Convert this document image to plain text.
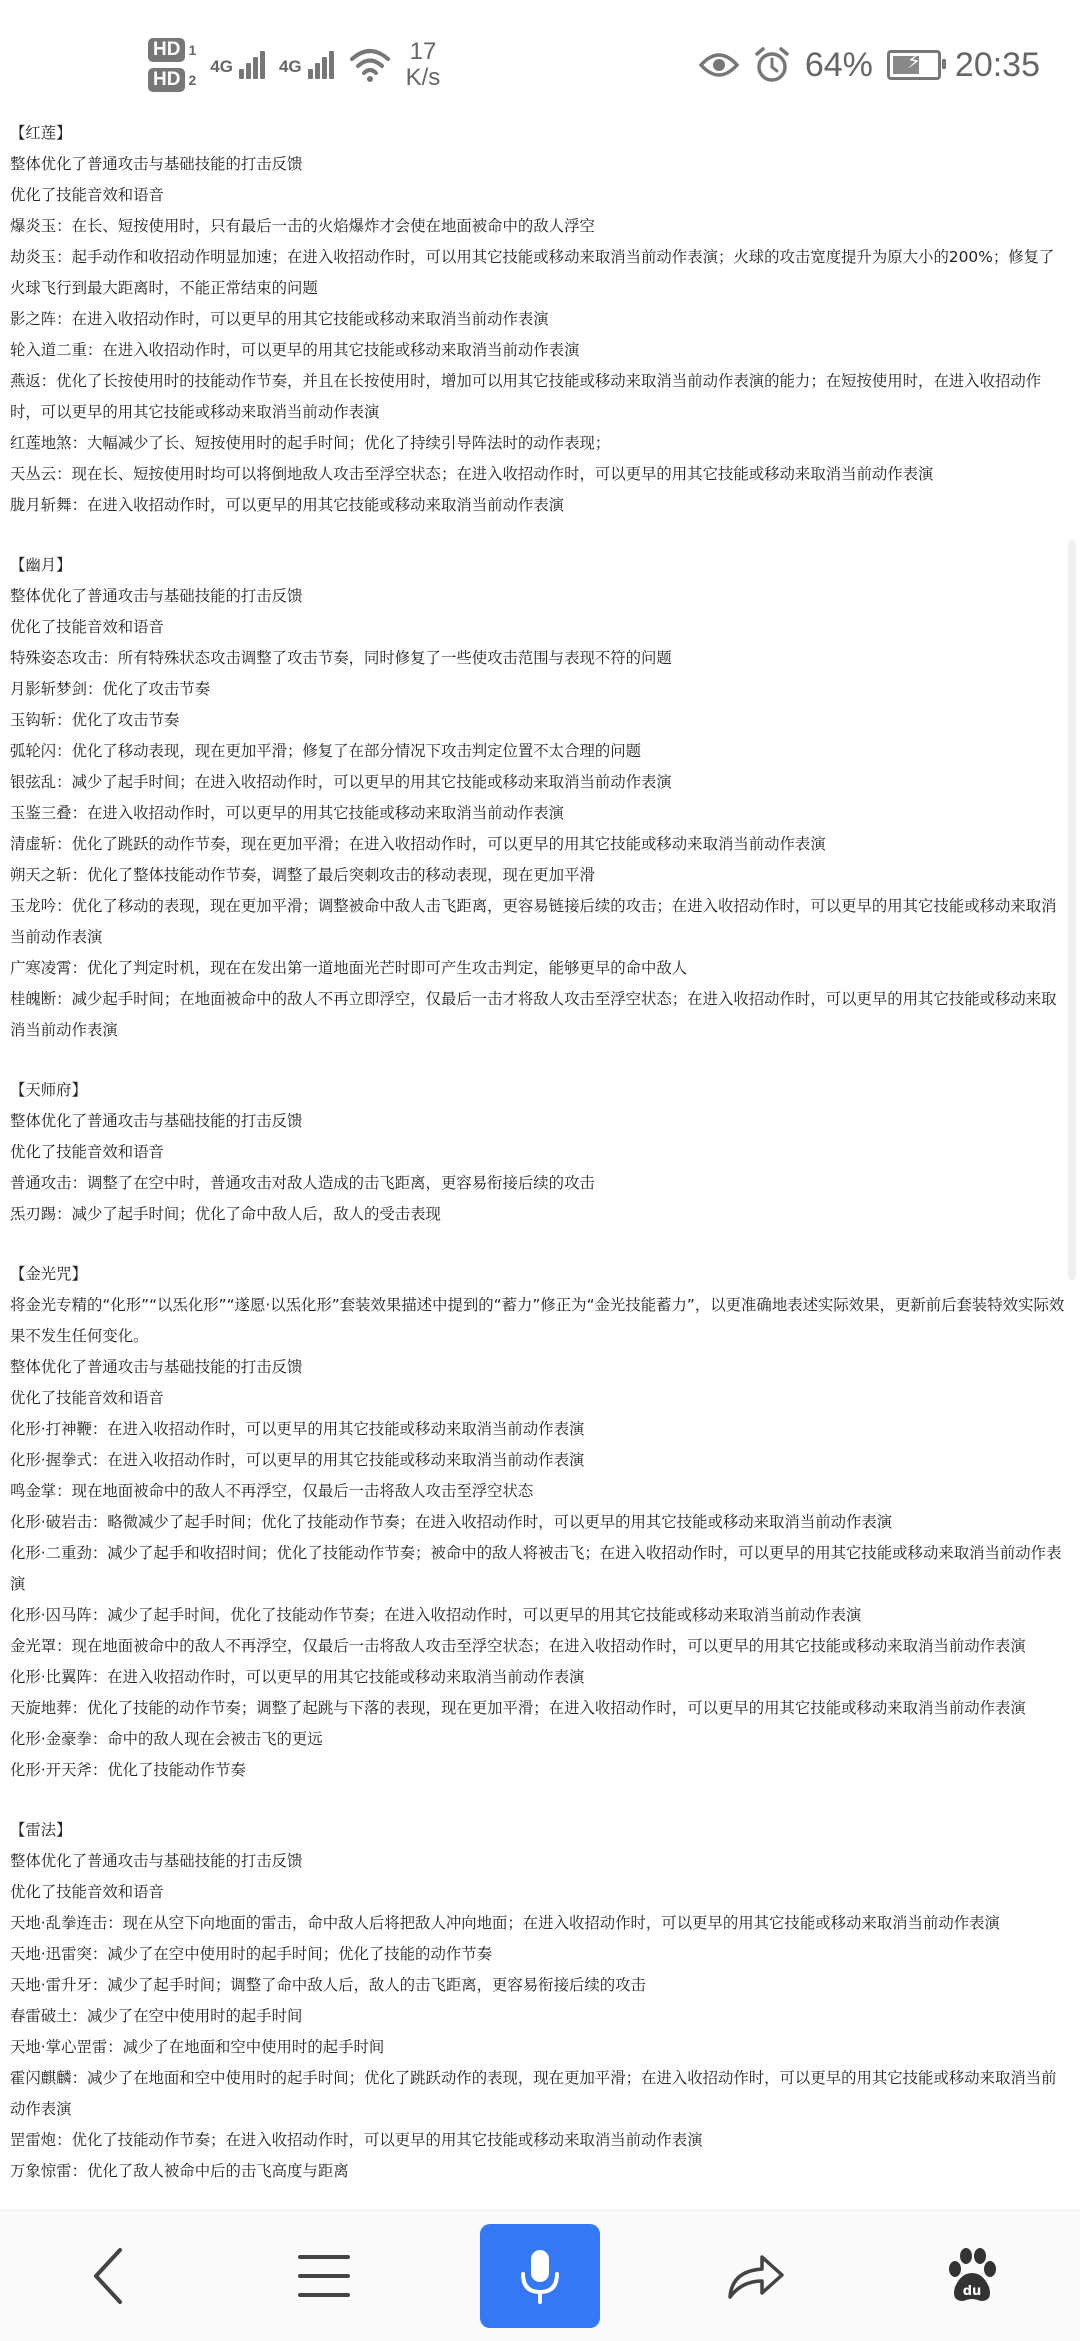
HD 1
HD 2
4G	4G
17
K/s	64%	⚡ 20:35

【红莲】

整体优化了普通攻击与基础技能的打击反馈

优化了技能音效和语音

爆炎玉：在长、短按使用时，只有最后一击的火焰爆炸才会使在地面被命中的敌人浮空

劫炎玉：起手动作和收招动作明显加速；在进入收招动作时，可以用其它技能或移动来取消当前动作表演；火球的攻击宽度提升为原大小的200%；修复了火球飞行到最大距离时，不能正常结束的问题

影之阵：在进入收招动作时，可以更早的用其它技能或移动来取消当前动作表演

轮入道二重：在进入收招动作时，可以更早的用其它技能或移动来取消当前动作表演

燕返：优化了长按使用时的技能动作节奏，并且在长按使用时，增加可以用其它技能或移动来取消当前动作表演的能力；在短按使用时，在进入收招动作时，可以更早的用其它技能或移动来取消当前动作表演

红莲地煞：大幅减少了长、短按使用时的起手时间；优化了持续引导阵法时的动作表现；

天丛云：现在长、短按使用时均可以将倒地敌人攻击至浮空状态；在进入收招动作时，可以更早的用其它技能或移动来取消当前动作表演

胧月斩舞：在进入收招动作时，可以更早的用其它技能或移动来取消当前动作表演

【幽月】

整体优化了普通攻击与基础技能的打击反馈

优化了技能音效和语音

特殊姿态攻击：所有特殊状态攻击调整了攻击节奏，同时修复了一些使攻击范围与表现不符的问题

月影斩梦剑：优化了攻击节奏

玉钩斩：优化了攻击节奏

弧轮闪：优化了移动表现，现在更加平滑；修复了在部分情况下攻击判定位置不太合理的问题

银弦乱：减少了起手时间；在进入收招动作时，可以更早的用其它技能或移动来取消当前动作表演

玉鉴三叠：在进入收招动作时，可以更早的用其它技能或移动来取消当前动作表演

清虚斩：优化了跳跃的动作节奏，现在更加平滑；在进入收招动作时，可以更早的用其它技能或移动来取消当前动作表演

朔天之斩：优化了整体技能动作节奏，调整了最后突刺攻击的移动表现，现在更加平滑

玉龙吟：优化了移动的表现，现在更加平滑；调整被命中敌人击飞距离，更容易链接后续的攻击；在进入收招动作时，可以更早的用其它技能或移动来取消当前动作表演

广寒凌霄：优化了判定时机，现在在发出第一道地面光芒时即可产生攻击判定，能够更早的命中敌人

桂魄断：减少起手时间；在地面被命中的敌人不再立即浮空，仅最后一击才将敌人攻击至浮空状态；在进入收招动作时，可以更早的用其它技能或移动来取消当前动作表演

【天师府】

整体优化了普通攻击与基础技能的打击反馈

优化了技能音效和语音

普通攻击：调整了在空中时，普通攻击对敌人造成的击飞距离，更容易衔接后续的攻击

炁刃踢：减少了起手时间；优化了命中敌人后，敌人的受击表现

【金光咒】

将金光专精的“化形”“以炁化形”“遂愿·以炁化形”套装效果描述中提到的“蓄力”修正为“金光技能蓄力”，以更准确地表述实际效果，更新前后套装特效实际效果不发生任何变化。

整体优化了普通攻击与基础技能的打击反馈

优化了技能音效和语音

化形·打神鞭：在进入收招动作时，可以更早的用其它技能或移动来取消当前动作表演

化形·握拳式：在进入收招动作时，可以更早的用其它技能或移动来取消当前动作表演

鸣金掌：现在地面被命中的敌人不再浮空，仅最后一击将敌人攻击至浮空状态

化形·破岩击：略微减少了起手时间；优化了技能动作节奏；在进入收招动作时，可以更早的用其它技能或移动来取消当前动作表演

化形·二重劲：减少了起手和收招时间；优化了技能动作节奏；被命中的敌人将被击飞；在进入收招动作时，可以更早的用其它技能或移动来取消当前动作表演

化形·囚马阵：减少了起手时间，优化了技能动作节奏；在进入收招动作时，可以更早的用其它技能或移动来取消当前动作表演

金光罩：现在地面被命中的敌人不再浮空，仅最后一击将敌人攻击至浮空状态；在进入收招动作时，可以更早的用其它技能或移动来取消当前动作表演

化形·比翼阵：在进入收招动作时，可以更早的用其它技能或移动来取消当前动作表演

天旋地葬：优化了技能的动作节奏；调整了起跳与下落的表现，现在更加平滑；在进入收招动作时，可以更早的用其它技能或移动来取消当前动作表演

化形·金豪拳：命中的敌人现在会被击飞的更远

化形·开天斧：优化了技能动作节奏

【雷法】

整体优化了普通攻击与基础技能的打击反馈

优化了技能音效和语音

天地·乱拳连击：现在从空下向地面的雷击，命中敌人后将把敌人冲向地面；在进入收招动作时，可以更早的用其它技能或移动来取消当前动作表演

天地·迅雷突：减少了在空中使用时的起手时间；优化了技能的动作节奏

天地·雷升牙：减少了起手时间；调整了命中敌人后，敌人的击飞距离，更容易衔接后续的攻击

春雷破土：减少了在空中使用时的起手时间

天地·掌心罡雷：减少了在地面和空中使用时的起手时间

霍闪麒麟：减少了在地面和空中使用时的起手时间；优化了跳跃动作的表现，现在更加平滑；在进入收招动作时，可以更早的用其它技能或移动来取消当前动作表演

罡雷炮：优化了技能动作节奏；在进入收招动作时，可以更早的用其它技能或移动来取消当前动作表演

万象惊雷：优化了敌人被命中后的击飞高度与距离

du
